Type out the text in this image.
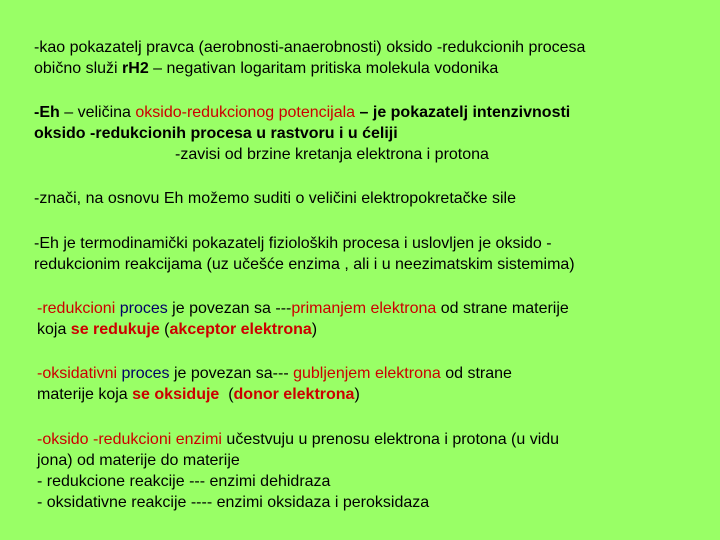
-kao pokazatelj pravca (aerobnosti-anaerobnosti) oksido -redukcionih procesa
obično služi rH2 – negativan logaritam pritiska molekula vodonika
-Eh – veličina oksido-redukcionog potencijala – je pokazatelj intenzivnosti
oksido -redukcionih procesa u rastvoru i u ćeliji
-zavisi od brzine kretanja elektrona i protona
-znači, na osnovu Eh možemo suditi o veličini elektropokretačke sile
-Eh je termodinamički pokazatelj fizioloških procesa i uslovljen je oksido -
redukcionim reakcijama (uz učešće enzima , ali i u neezimatskim sistemima)
-redukcioni proces je povezan sa ---primanjem elektrona od strane materije
koja se redukuje (akceptor elektrona)
-oksidativni proces je povezan sa--- gubljenjem elektrona od strane
materije koja se oksiduje  (donor elektrona)
-oksido -redukcioni enzimi učestvuju u prenosu elektrona i protona (u vidu
jona) od materije do materije
- redukcione reakcije --- enzimi dehidraza
- oksidativne reakcije ---- enzimi oksidaza i peroksidaza
